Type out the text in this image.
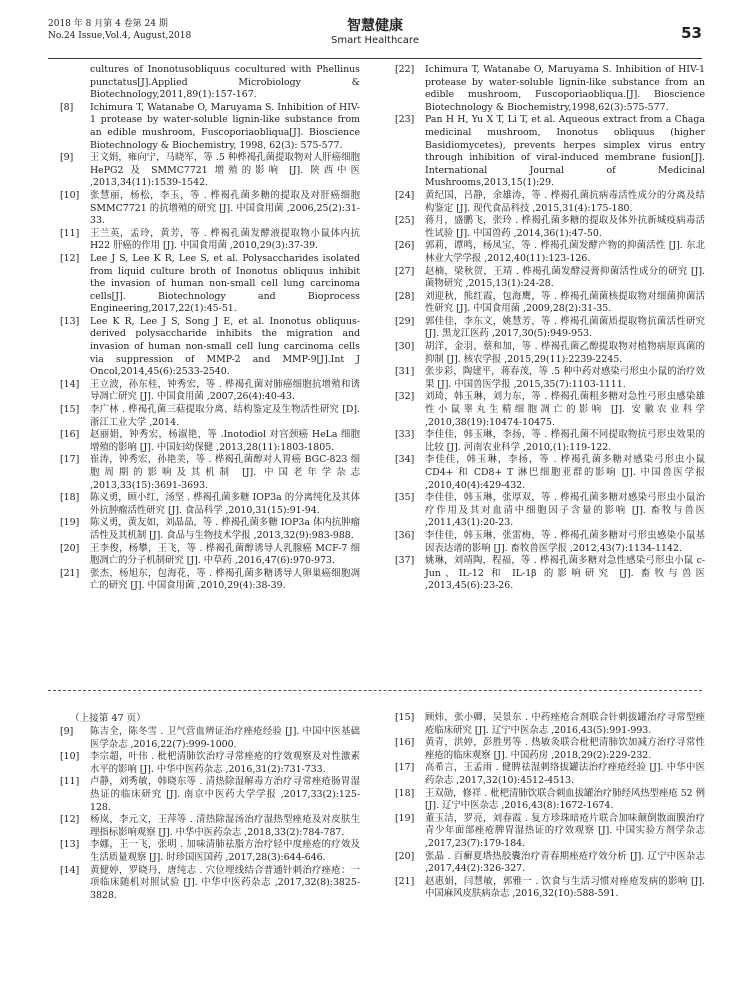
2018 年 8 月第 4 卷第 24 期
No.24 Issue,Vol.4, August,2018
智慧健康
Smart Healthcare	53

cultures of Inonotusobliquus cocultured with Phellinus punctatus[J].Applied Microbiology & Biotechnology,2011,89(1):157-167.

[8] Ichimura T, Watanabe O, Maruyama S. Inhibition of HIV-1 protease by water-soluble lignin-like substance from an edible mushroom, Fuscoporiaobliqua[J]. Bioscience Biotechnology & Biochemistry, 1998, 62(3): 575-577.

[9] 王文娟，雍向宁，马晓军，等 .5 种桦褐孔菌提取物对人肝癌细胞 HePG2 及 SMMC7721 增殖的影响 [J]. 陕西中医 ,2013,34(11):1539-1542.

[10] 张慧丽，杨松，李玉，等 . 桦褐孔菌多糖的提取及对肝癌细胞 SMMC7721 的抗增殖的研究 [J]. 中国食用菌 ,2006,25(2):31-33.

[11] 王兰英，孟玲，黄芳，等 . 桦褐孔菌发酵液提取物小鼠体内抗 H22 肝癌的作用 [J]. 中国食用菌 ,2010,29(3):37-39.

[12] Lee J S, Lee K R, Lee S, et al. Polysaccharides isolated from liquid culture broth of Inonotus obliquus inhibit the invasion of human non-small cell lung carcinoma cells[J]. Biotechnology and Bioprocess Engineering,2017,22(1):45-51.

[13] Lee K R, Lee J S, Song J E, et al. Inonotus obliquus-derived polysaccharide inhibits the migration and invasion of human non-small cell lung carcinoma cells via suppression of MMP-2 and MMP-9[J].Int J Oncol,2014,45(6):2533-2540.

[14] 王立波，孙东桂，钟秀宏，等 . 桦褐孔菌对肺癌细胞抗增殖和诱导凋亡研究 [J]. 中国食用菌 ,2007,26(4):40-43.

[15] 李广林 . 桦褐孔菌三萜提取分离、结构鉴定及生物活性研究 [D]. 浙江工业大学 ,2014.

[16] 赵丽娟，钟秀宏，杨淑艳，等 .Inotodiol 对宫颈癌 HeLa 细胞增殖的影响 [J]. 中国妇幼保健 ,2013,28(11):1803-1805.

[17] 崔涛，钟秀宏，孙艳美，等 . 桦褐孔菌醇对人胃癌 BGC-823 细胞周期的影响及其机制 [J]. 中国老年学杂志 ,2013,33(15):3691-3693.

[18] 陈义勇，顾小红，汤坚 . 桦褐孔菌多糖 IOP3a 的分离纯化及其体外抗肿瘤活性研究 [J]. 食品科学 ,2010,31(15):91-94.

[19] 陈义勇，黄友如，刘晶晶，等 . 桦褐孔菌多糖 IOP3a 体内抗肿瘤活性及其机制 [J]. 食品与生物技术学报 ,2013,32(9):983-988.

[20] 王李俊，杨攀，王飞，等 . 桦褐孔菌醇诱导人乳腺癌 MCF-7 细胞凋亡的分子机制研究 [J]. 中草药 ,2016,47(6):970-973.

[21] 张杰，杨旭东，包海花，等 . 桦褐孔菌多糖诱导人卵巢癌细胞凋亡的研究 [J]. 中国食用菌 ,2010,29(4):38-39.

[22] Ichimura T, Watanabe O, Maruyama S. Inhibition of HIV-1 protease by water-soluble lignin-like substance from an edible mushroom, Fuscoporiaobliqua.[J]. Bioscience Biotechnology & Biochemistry,1998,62(3):575-577.

[23] Pan H H, Yu X T, Li T, et al. Aqueous extract from a Chaga medicinal mushroom, Inonotus obliquus (higher Basidiomycetes), prevents herpes simplex virus entry through inhibition of viral-induced membrane fusion[J]. International Journal of Medicinal Mushrooms,2013,15(1):29.

[24] 黄纪国，吕静，余雄涛，等 . 桦褐孔菌抗病毒活性成分的分离及结构鉴定 [J]. 现代食品科技 ,2015,31(4):175-180.

[25] 蒋月，盛鹏飞，张玲 . 桦褐孔菌多糖的提取及体外抗新城疫病毒活性试验 [J]. 中国兽药 ,2014,36(1):47-50.

[26] 郭莉，谭鸣，杨凤宝，等 . 桦褐孔菌发酵产物的抑菌活性 [J]. 东北林业大学学报 ,2012,40(11):123-126.

[27] 赵楠，梁秋贺，王靖 . 桦褐孔菌发酵浸膏抑菌活性成分的研究 [J]. 菌物研究 ,2015,13(1):24-28.

[28] 刘迎秋，熊红霞，包海鹰，等 . 桦褐孔菌菌核提取物对细菌抑菌活性研究 [J]. 中国食用菌 ,2009,28(2):31-35.

[29] 郭佳佳，李东文，姚慧芳，等 . 桦褐孔菌菌质提取物抗菌活性研究 [J]. 黑龙江医药 ,2017,30(5):949-953.

[30] 胡洋，金羽，蔡和加，等 . 桦褐孔菌乙醇提取物对植物病原真菌的抑制 [J]. 核农学报 ,2015,29(11):2239-2245.

[31] 张步彩，陶建平，蒋春茂，等 .5 种中药对感染弓形虫小鼠的治疗效果 [J]. 中国兽医学报 ,2015,35(7):1103-1111.

[32] 刘琦，韩玉琳，刘力东，等 . 桦褐孔菌粗多糖对急性弓形虫感染雄性小鼠睾丸生精细胞凋亡的影响 [J]. 安徽农业科学 ,2010,38(19):10474-10475.

[33] 李佳佳，韩玉琳，李扬，等 . 桦褐孔菌不同提取物抗弓形虫效果的比较 [J]. 河南农业科学 ,2010,(1):119-122.

[34] 李佳佳，韩玉琳，李扬，等 . 桦褐孔菌多糖对感染弓形虫小鼠 CD4+ 和 CD8+ T 淋巴细胞亚群的影响 [J]. 中国兽医学报 ,2010,40(4):429-432.

[35] 李佳佳，韩玉琳，张厚双，等 . 桦褐孔菌多糖对感染弓形虫小鼠治疗作用及其对血清中细胞因子含量的影响 [J]. 畜牧与兽医 ,2011,43(1):20-23.

[36] 李佳佳，韩玉琳，张雷梅，等 . 桦褐孔菌多糖对弓形虫感染小鼠基因表达谱的影响 [J]. 畜牧兽医学报 ,2012,43(7):1134-1142.

[37] 姚琳，刘靖陶，程福，等 . 桦褐孔菌多糖对急性感染弓形虫小鼠 c-Jun、IL-12 和 IL-1β 的影响研究 [J]. 畜牧与兽医 ,2013,45(6):23-26.

（上接第 47 页）

[9] 陈吉全，陈冬雪 . 卫气营血辨证治疗痤疮经验 [J]. 中国中医基础医学杂志 ,2016,22(7):999-1000.

[10] 李宗超，叶伟 . 枇杷清肺饮治疗寻常痤疮的疗效观察及对性激素水平的影响 [J]. 中华中医药杂志 ,2016,31(2):731-733.

[11] 卢静，刘秀敏，韩晓东等 . 清热除湿解毒方治疗寻常痤疮肠胃湿热证的临床研究 [J]. 南京中医药大学学报 ,2017,33(2):125-128.

[12] 杨岚，李元文，王萍等 . 清热除湿汤治疗湿热型痤疮及对皮肤生理指标影响观察 [J]. 中华中医药杂志 ,2018,33(2):784-787.

[13] 李娜，王一飞，张明 . 加味清肺祛脂方治疗轻中度痤疮的疗效及生活质量观察 [J]. 时珍国医国药 ,2017,28(3):644-646.

[14] 黄健婷，罗晓丹，唐纯志 . 穴位埋线结合普通针刺治疗痤疮：一项临床随机对照试验 [J]. 中华中医药杂志 ,2017,32(8):3825-3828.

[15] 顾炜，张小卿，吴景东 . 中药痤疮合剂联合针刺拔罐治疗寻常型痤疮临床研究 [J]. 辽宁中医杂志 ,2016,43(5):991-993.

[16] 黄青，洪婷，彭胜男等 . 热敏灸联合枇杷清肺饮加减方治疗寻常性痤疮的临床观察 [J]. 中国药房 ,2018,29(2):229-232.

[17] 高希言，王孟雨 . 健脾祛湿刺络拔罐法治疗痤疮经验 [J]. 中华中医药杂志 ,2017,32(10):4512-4513.

[18] 王双勋，修祥 . 枇杷清肺饮联合刺血拔罐治疗肺经风热型痤疮 52 例 [J]. 辽宁中医杂志 ,2016,43(8):1672-1674.

[19] 董玉洁，罗亮，刘春霞 . 复方珍珠暗疮片联合加味颠倒散面膜治疗青少年面部痤疮脾胃湿热证的疗效观察 [J]. 中国实验方剂学杂志 ,2017,23(7):179-184.

[20] 张晶 . 百癣夏塔热胶囊治疗青春期痤疮疗效分析 [J]. 辽宁中医杂志 ,2017,44(2):326-327.

[21] 赵惠娟，闫慧敏，郭雅一 . 饮食与生活习惯对痤疮发病的影响 [J]. 中国麻风皮肤病杂志 ,2016,32(10):588-591.
